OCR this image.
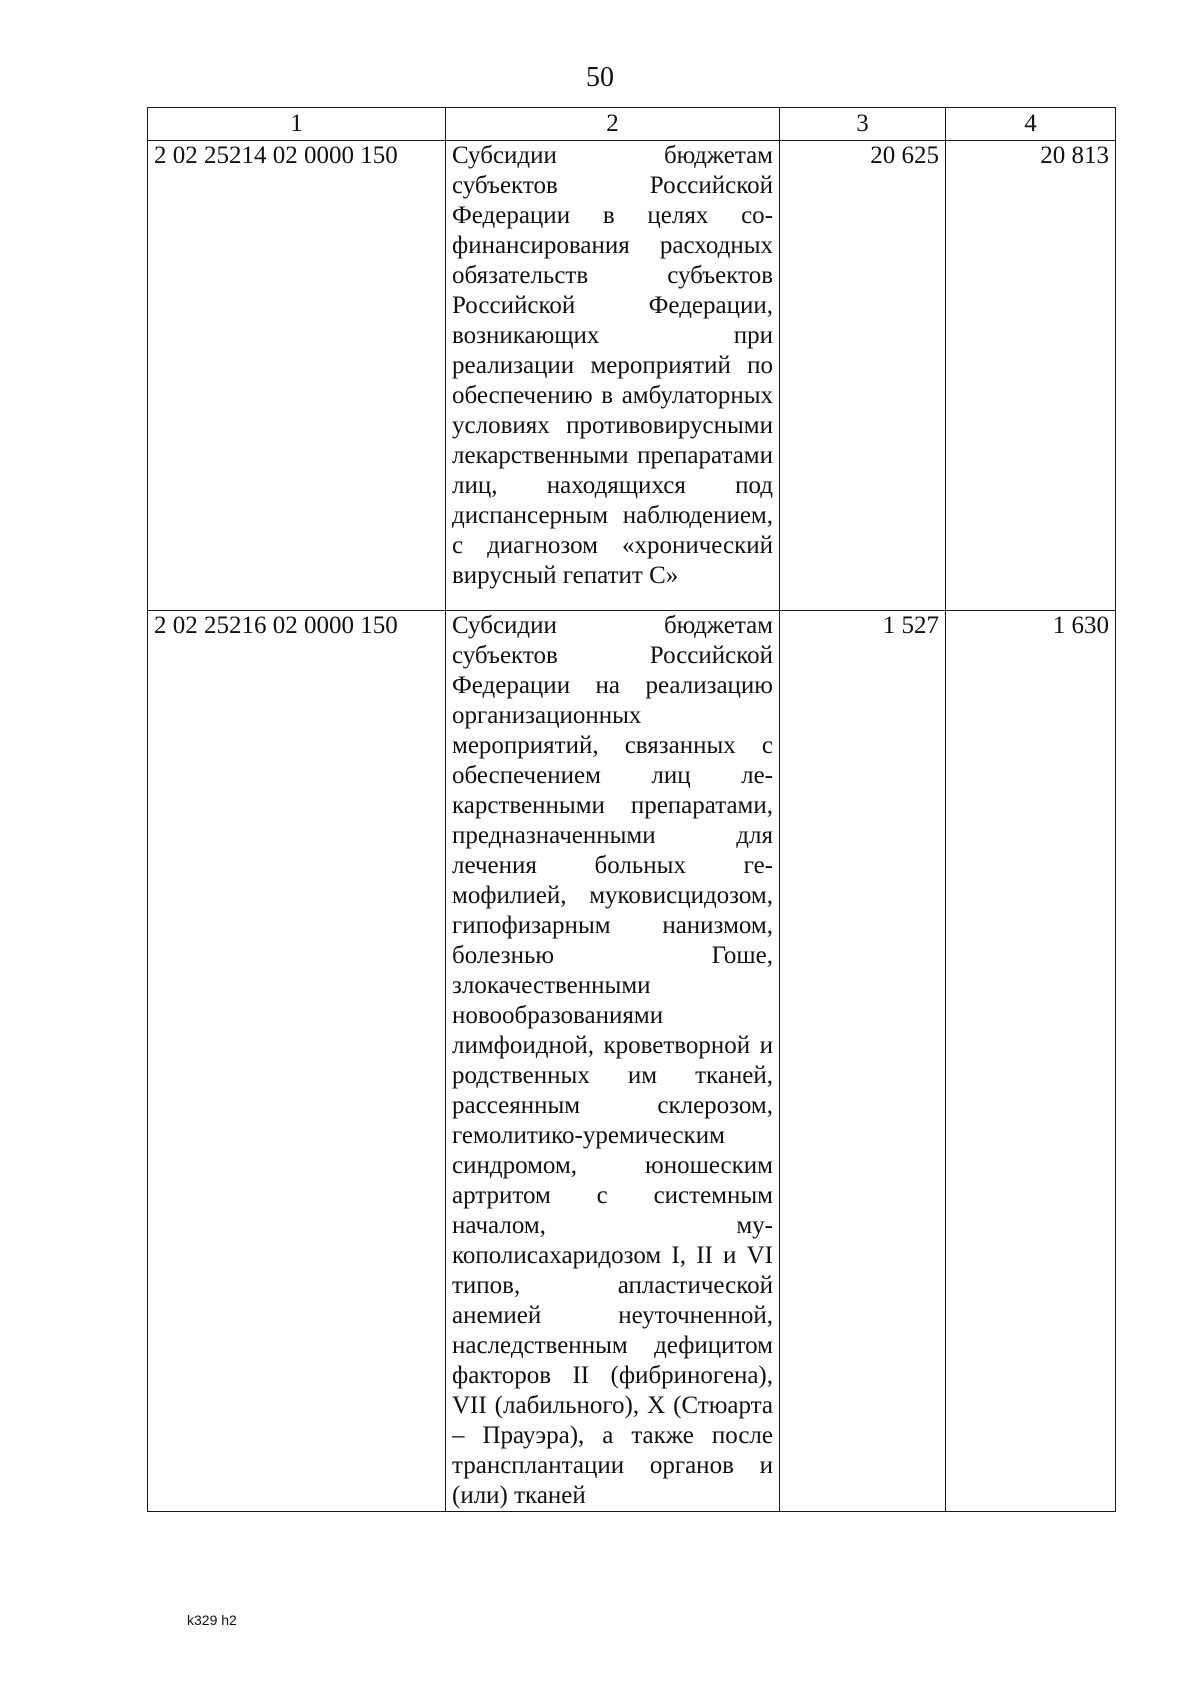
50
1	2	3	4
2 02 25214 02 0000 150	Субсидии бюджетам субъектов Российской Федерации в целях софинансирования расходных обязательств субъектов Российской Федерации, возникающих при реализации мероприятий по обеспечению в амбулаторных условиях противовирусными лекарственными препаратами лиц, находящихся под диспансерным наблюдением, с диагнозом «хронический вирусный гепатит С»	20 625	20 813
2 02 25216 02 0000 150	Субсидии бюджетам субъектов Российской Федерации на реализацию организационных мероприятий, связанных с обеспечением лиц лекарственными препаратами, предназначенными для лечения больных гемофилией, муковисцидозом, гипофизарным нанизмом, болезнью Гоше, злокачественными новообразованиями лимфоидной, кроветворной и родственных им тканей, рассеянным склерозом, гемолитико-уремическим синдромом, юношеским артритом с системным началом, мукополисахаридозом I, II и VI типов, апластической анемией неуточненной, наследственным дефицитом факторов II (фибриногена), VII (лабильного), X (Стюарта – Прауэра), а также после трансплантации органов и (или) тканей	1 527	1 630
k329 h2
